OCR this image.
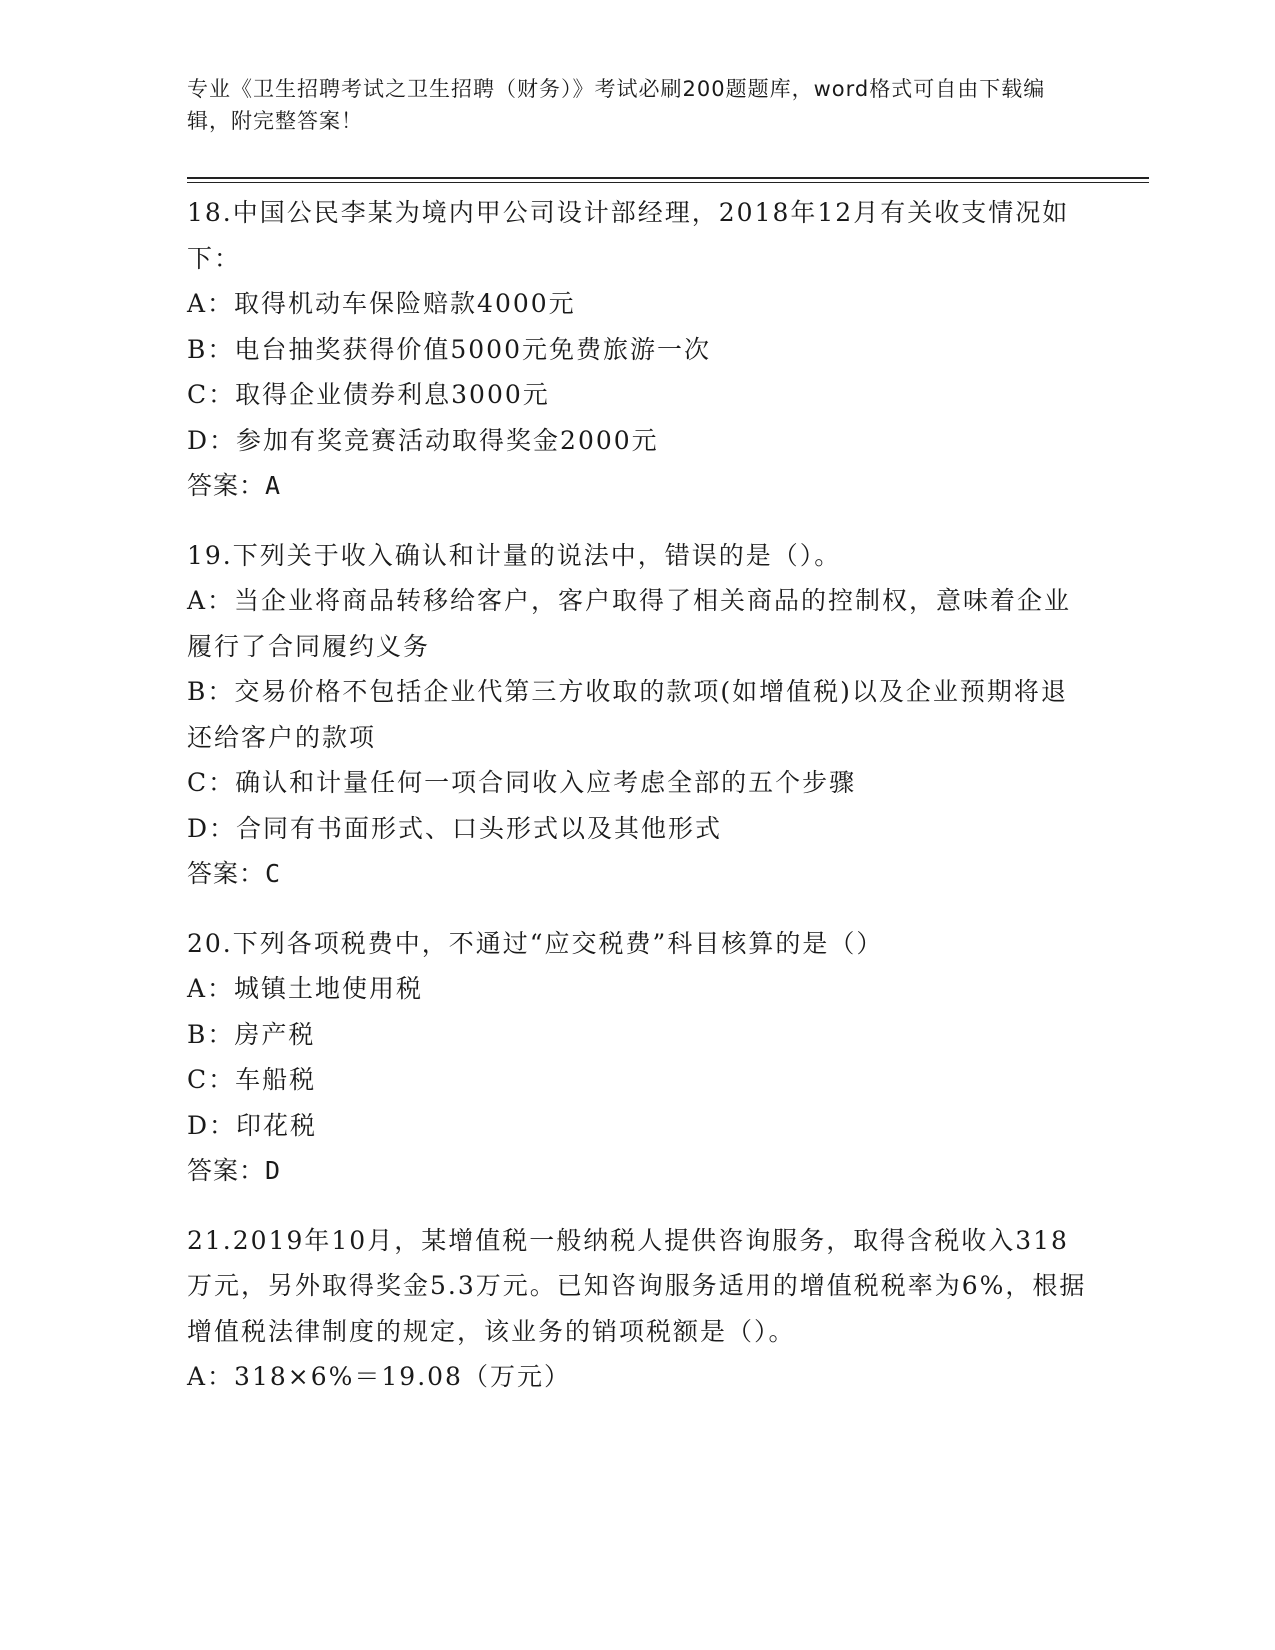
专业《卫生招聘考试之卫生招聘（财务）》考试必刷200题题库，word格式可自由下载编辑，附完整答案！
18.中国公民李某为境内甲公司设计部经理，2018年12月有关收支情况如下：
A：取得机动车保险赔款4000元
B：电台抽奖获得价值5000元免费旅游一次
C：取得企业债券利息3000元
D：参加有奖竞赛活动取得奖金2000元
答案：A
19.下列关于收入确认和计量的说法中，错误的是（）。
A：当企业将商品转移给客户，客户取得了相关商品的控制权，意味着企业履行了合同履约义务
B：交易价格不包括企业代第三方收取的款项(如增值税)以及企业预期将退还给客户的款项
C：确认和计量任何一项合同收入应考虑全部的五个步骤
D：合同有书面形式、口头形式以及其他形式
答案：C
20.下列各项税费中，不通过“应交税费”科目核算的是（）
A：城镇土地使用税
B：房产税
C：车船税
D：印花税
答案：D
21.2019年10月，某增值税一般纳税人提供咨询服务，取得含税收入318万元，另外取得奖金5.3万元。已知咨询服务适用的增值税税率为6%，根据增值税法律制度的规定，该业务的销项税额是（）。
A：318×6%＝19.08（万元）
